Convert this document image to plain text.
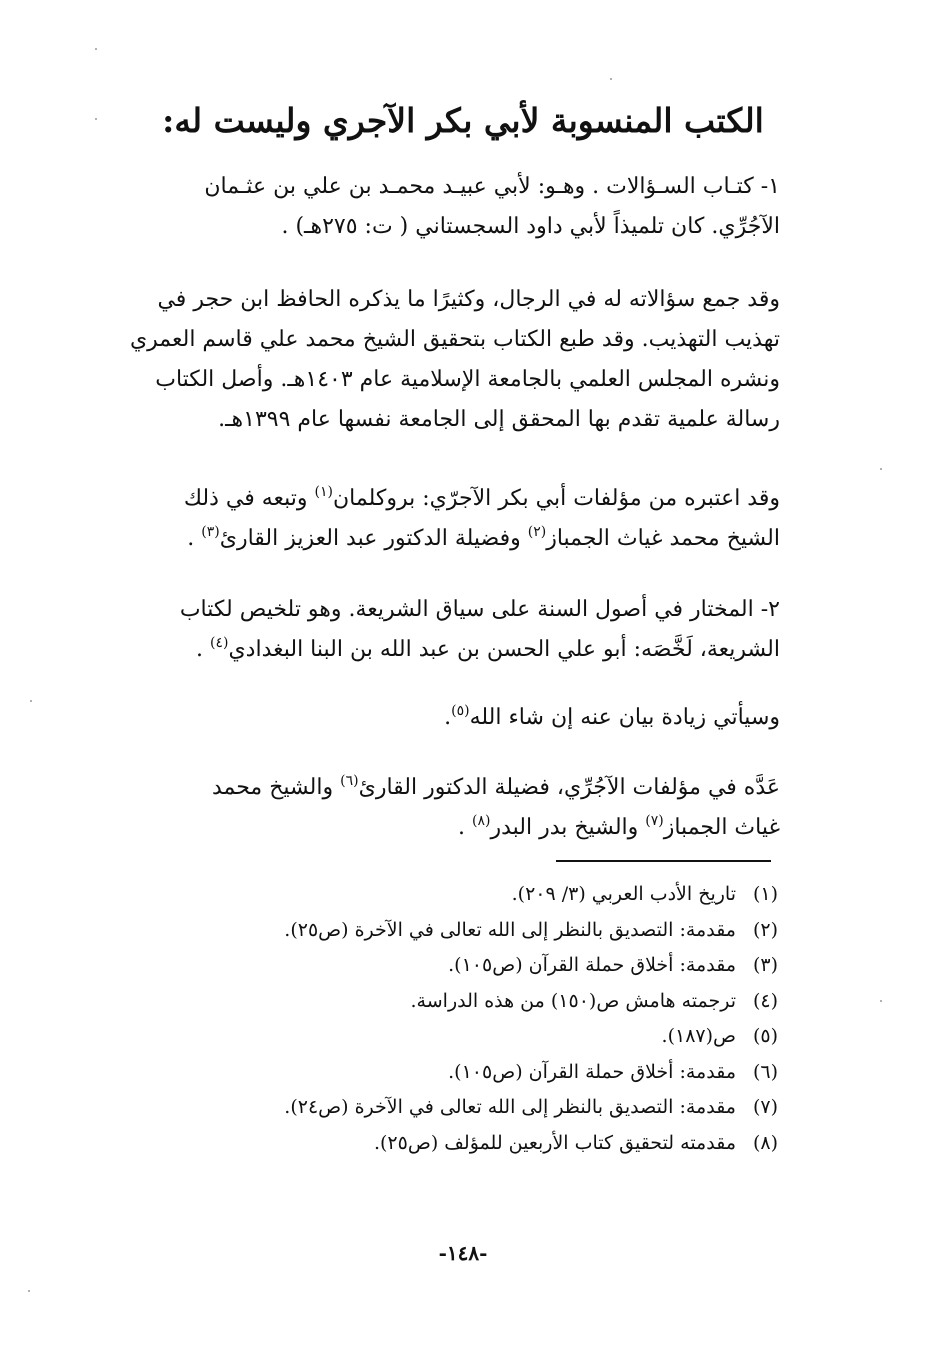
الكتب المنسوبة لأبي بكر الآجري وليست له:

١- كتـاب السـؤالات . وهـو: لأبي عبيـد محمـد بن علي بن عثـمان
الآجُرِّي. كان تلميذاً لأبي داود السجستاني ( ت: ٢٧٥هـ) .

وقد جمع سؤالاته له في الرجال، وكثيرًا ما يذكره الحافظ ابن حجر في
تهذيب التهذيب. وقد طبع الكتاب بتحقيق الشيخ محمد علي قاسم العمري
ونشره المجلس العلمي بالجامعة الإسلامية عام ١٤٠٣هـ. وأصل الكتاب
رسالة علمية تقدم بها المحقق إلى الجامعة نفسها عام ١٣٩٩هـ.

وقد اعتبره من مؤلفات أبي بكر الآجرّي: بروكلمان$^{(١)}$ وتبعه في ذلك
الشيخ محمد غياث الجمباز$^{(٢)}$ وفضيلة الدكتور عبد العزيز القارئ$^{(٣)}$ .

٢- المختار في أصول السنة على سياق الشريعة. وهو تلخيص لكتاب
الشريعة، لَخَّصَه: أبو علي الحسن بن عبد الله بن البنا البغدادي$^{(٤)}$ .

وسيأتي زيادة بيان عنه إن شاء الله$^{(٥)}$.

عَدَّه في مؤلفات الآجُرِّي، فضيلة الدكتور القارئ$^{(٦)}$ والشيخ محمد
غياث الجمباز$^{(٧)}$ والشيخ بدر البدر$^{(٨)}$ .

(١)تاريخ الأدب العربي (٣/ ٢٠٩).
(٢)مقدمة: التصديق بالنظر إلى الله تعالى في الآخرة (ص٢٥).
(٣)مقدمة: أخلاق حملة القرآن (ص١٠٥).
(٤)ترجمته هامش ص(١٥٠) من هذه الدراسة.
(٥)ص(١٨٧).
(٦)مقدمة: أخلاق حملة القرآن (ص١٠٥).
(٧)مقدمة: التصديق بالنظر إلى الله تعالى في الآخرة (ص٢٤).
(٨)مقدمته لتحقيق كتاب الأربعين للمؤلف (ص٢٥).
-١٤٨-
